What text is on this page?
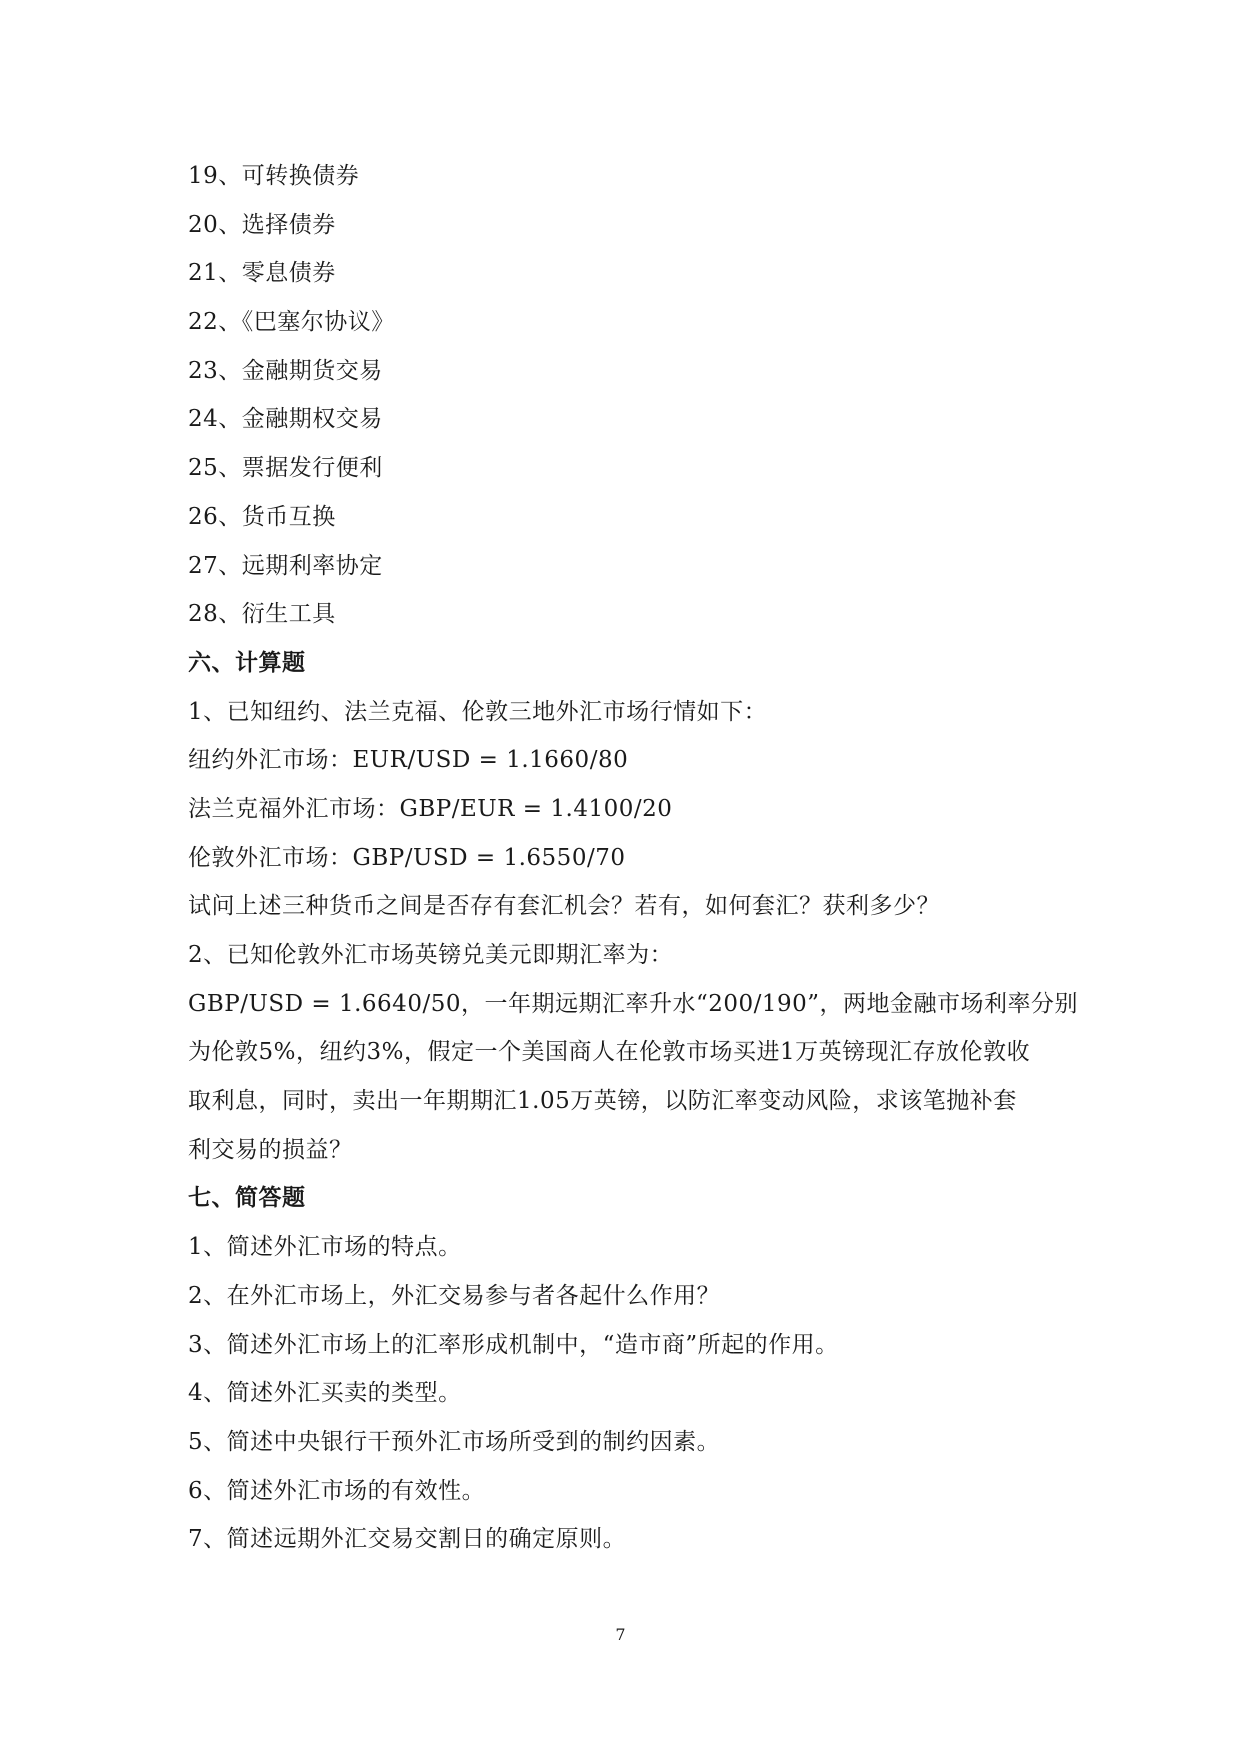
19、可转换债券
20、选择债券
21、零息债券
22、《巴塞尔协议》
23、金融期货交易
24、金融期权交易
25、票据发行便利
26、货币互换
27、远期利率协定
28、衍生工具
六、计算题
1、已知纽约、法兰克福、伦敦三地外汇市场行情如下：
纽约外汇市场：EUR/USD = 1.1660/80
法兰克福外汇市场：GBP/EUR = 1.4100/20
伦敦外汇市场：GBP/USD = 1.6550/70
试问上述三种货币之间是否存有套汇机会？若有，如何套汇？获利多少？
2、已知伦敦外汇市场英镑兑美元即期汇率为：
GBP/USD = 1.6640/50，一年期远期汇率升水“200/190”，两地金融市场利率分别
为伦敦5%，纽约3%，假定一个美国商人在伦敦市场买进1万英镑现汇存放伦敦收
取利息，同时，卖出一年期期汇1.05万英镑，以防汇率变动风险，求该笔抛补套
利交易的损益？
七、简答题
1、简述外汇市场的特点。
2、在外汇市场上，外汇交易参与者各起什么作用？
3、简述外汇市场上的汇率形成机制中，“造市商”所起的作用。
4、简述外汇买卖的类型。
5、简述中央银行干预外汇市场所受到的制约因素。
6、简述外汇市场的有效性。
7、简述远期外汇交易交割日的确定原则。
7
